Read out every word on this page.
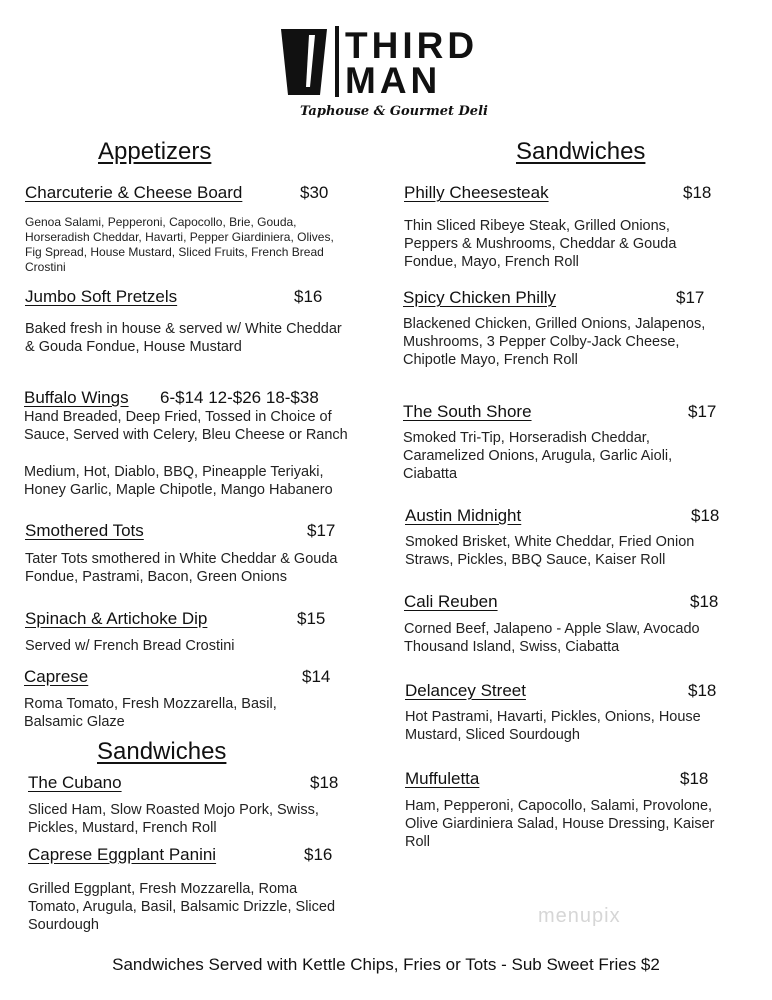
THIRD
MAN
Taphouse & Gourmet Deli
Appetizers
Charcuterie & Cheese Board	$30
Genoa Salami, Pepperoni, Capocollo, Brie, Gouda, Horseradish Cheddar, Havarti, Pepper Giardiniera, Olives, Fig Spread, House Mustard, Sliced Fruits, French Bread Crostini
Jumbo Soft Pretzels	$16
Baked fresh in house & served w/ White Cheddar & Gouda Fondue, House Mustard
Buffalo Wings 6-$14 12-$26 18-$38
Hand Breaded, Deep Fried, Tossed in Choice of Sauce, Served with Celery, Bleu Cheese or Ranch
Medium, Hot, Diablo, BBQ, Pineapple Teriyaki, Honey Garlic, Maple Chipotle, Mango Habanero
Smothered Tots	$17
Tater Tots smothered in White Cheddar & Gouda Fondue, Pastrami, Bacon, Green Onions
Spinach & Artichoke Dip	$15
Served w/ French Bread Crostini
Caprese	$14
Roma Tomato, Fresh Mozzarella, Basil, Balsamic Glaze
Sandwiches
The Cubano	$18
Sliced Ham, Slow Roasted Mojo Pork, Swiss, Pickles, Mustard, French Roll
Caprese Eggplant Panini	$16
Grilled Eggplant, Fresh Mozzarella, Roma Tomato, Arugula, Basil, Balsamic Drizzle, Sliced Sourdough
Sandwiches
Philly Cheesesteak	$18
Thin Sliced Ribeye Steak, Grilled Onions, Peppers & Mushrooms, Cheddar & Gouda Fondue, Mayo, French Roll
Spicy Chicken Philly	$17
Blackened Chicken, Grilled Onions, Jalapenos, Mushrooms, 3 Pepper Colby-Jack Cheese, Chipotle Mayo, French Roll
The South Shore	$17
Smoked Tri-Tip, Horseradish Cheddar, Caramelized Onions, Arugula, Garlic Aioli, Ciabatta
Austin Midnight	$18
Smoked Brisket, White Cheddar, Fried Onion Straws, Pickles, BBQ Sauce, Kaiser Roll
Cali Reuben	$18
Corned Beef, Jalapeno - Apple Slaw, Avocado Thousand Island, Swiss, Ciabatta
Delancey Street	$18
Hot Pastrami, Havarti, Pickles, Onions, House Mustard, Sliced Sourdough
Muffuletta	$18
Ham, Pepperoni, Capocollo, Salami, Provolone, Olive Giardiniera Salad, House Dressing, Kaiser Roll
menupix
Sandwiches Served with Kettle Chips, Fries or Tots - Sub Sweet Fries $2
